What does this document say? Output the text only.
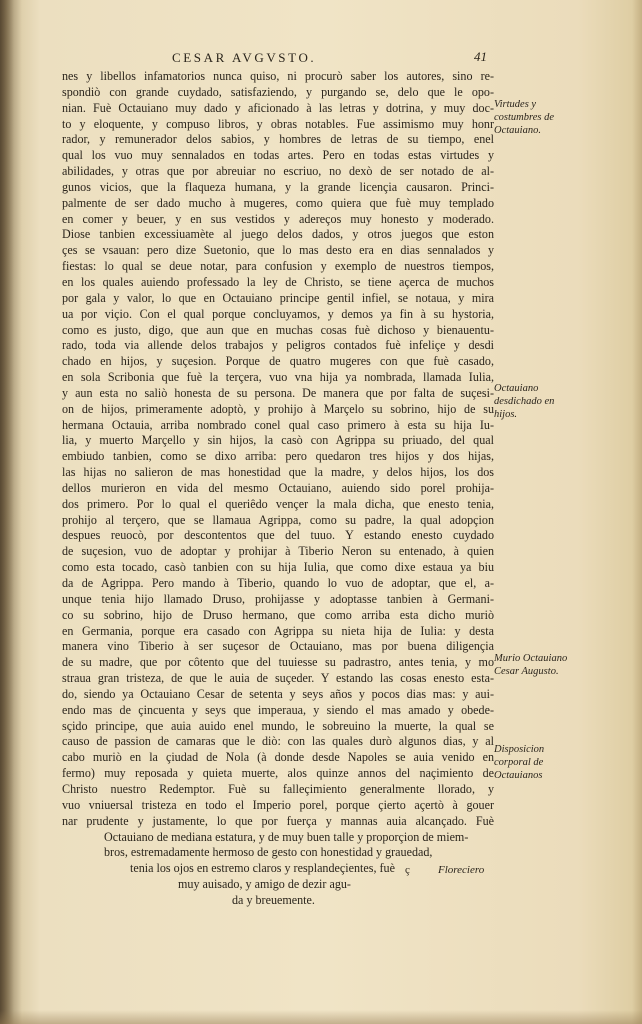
CESAR AVGVSTO.	41
nes y libellos infamatorios nunca quiso, ni procurò saber los autores, sino re-
spondiò con grande cuydado, satisfaziendo, y purgando se, delo que le opo-
nian. Fuè Octauiano muy dado y aficionado à las letras y dotrina, y muy doc-
to y eloquente, y compuso libros, y obras notables. Fue assimismo muy honr
rador, y remunerador delos sabios, y hombres de letras de su tiempo, enel
qual los vuo muy sennalados en todas artes. Pero en todas estas virtudes y
abilidades, y otras que por abreuiar no escriuo, no dexò de ser notado de al-
gunos vicios, que la flaqueza humana, y la grande licençia causaron. Princi-
palmente de ser dado mucho à mugeres, como quiera que fuè muy templado
en comer y beuer, y en sus vestidos y adereços muy honesto y moderado.
Diose tanbien excessiuamète al juego delos dados, y otros juegos que eston
çes se vsauan: pero dize Suetonio, que lo mas desto era en dias sennalados y
fiestas: lo qual se deue notar, para confusion y exemplo de nuestros tiempos,
en los quales auiendo professado la ley de Christo, se tiene açerca de muchos
por gala y valor, lo que en Octauiano principe gentil infiel, se notaua, y mira
ua por viçio. Con el qual porque concluyamos, y demos ya fin à su hystoria,
como es justo, digo, que aun que en muchas cosas fuè dichoso y bienauentu-
rado, toda via allende delos trabajos y peligros contados fuè infeliçe y desdi
chado en hijos, y suçesion. Porque de quatro mugeres con que fuè casado,
en sola Scribonia que fuè la terçera, vuo vna hija ya nombrada, llamada Iulia,
y aun esta no saliò honesta de su persona. De manera que por falta de suçesi-
on de hijos, primeramente adoptò, y prohijo à Marçelo su sobrino, hijo de su
hermana Octauia, arriba nombrado conel qual caso primero à esta su hija Iu-
lia, y muerto Marçello y sin hijos, la casò con Agrippa su priuado, del qual
embiudo tanbien, como se dixo arriba: pero quedaron tres hijos y dos hijas,
las hijas no salieron de mas honestidad que la madre, y delos hijos, los dos
dellos murieron en vida del mesmo Octauiano, auiendo sido porel prohija-
dos primero. Por lo qual el queriêdo vençer la mala dicha, que enesto tenia,
prohijo al terçero, que se llamaua Agrippa, como su padre, la qual adopçion
despues reuocò, por descontentos que del tuuo. Y estando enesto cuydado
de suçesion, vuo de adoptar y prohijar à Tiberio Neron su entenado, à quien
como esta tocado, casò tanbien con su hija Iulia, que como dixe estaua ya biu
da de Agrippa. Pero mando à Tiberio, quando lo vuo de adoptar, que el, a-
unque tenia hijo llamado Druso, prohijasse y adoptasse tanbien à Germani-
co su sobrino, hijo de Druso hermano, que como arriba esta dicho muriò
en Germania, porque era casado con Agrippa su nieta hija de Iulia: y desta
manera vino Tiberio à ser suçesor de Octauiano, mas por buena diligençia
de su madre, que por côtento que del tuuiesse su padrastro, antes tenia, y mo
straua gran tristeza, de que le auia de suçeder. Y estando las cosas enesto esta-
do, siendo ya Octauiano Cesar de setenta y seys años y pocos dias mas: y aui-
endo mas de çincuenta y seys que imperaua, y siendo el mas amado y obede-
sçido principe, que auia auido enel mundo, le sobreuino la muerte, la qual se
causo de passion de camaras que le diò: con las quales durò algunos dias, y al
cabo muriò en la çiudad de Nola (à donde desde Napoles se auia venido en
fermo) muy reposada y quieta muerte, alos quinze annos del naçimiento de
Christo nuestro Redemptor. Fuè su falleçimiento generalmente llorado, y
vuo vniuersal tristeza en todo el Imperio porel, porque çierto açertò à gouer
nar prudente y justamente, lo que por fuerça y mannas auia alcançado. Fuè
Octauiano de mediana estatura, y de muy buen talle y proporçion de miem-
bros, estremadamente hermoso de gesto con honestidad y grauedad,
tenia los ojos en estremo claros y resplandeçientes, fuè
muy auisado, y amigo de dezir agu-
da y breuemente.
Virtudes y costumbres de Octauiano.
Octauiano desdichado en hijos.
Murio Octauiano Cesar Augusto.
Disposicion corporal de Octauianos
ç	Floreciero
